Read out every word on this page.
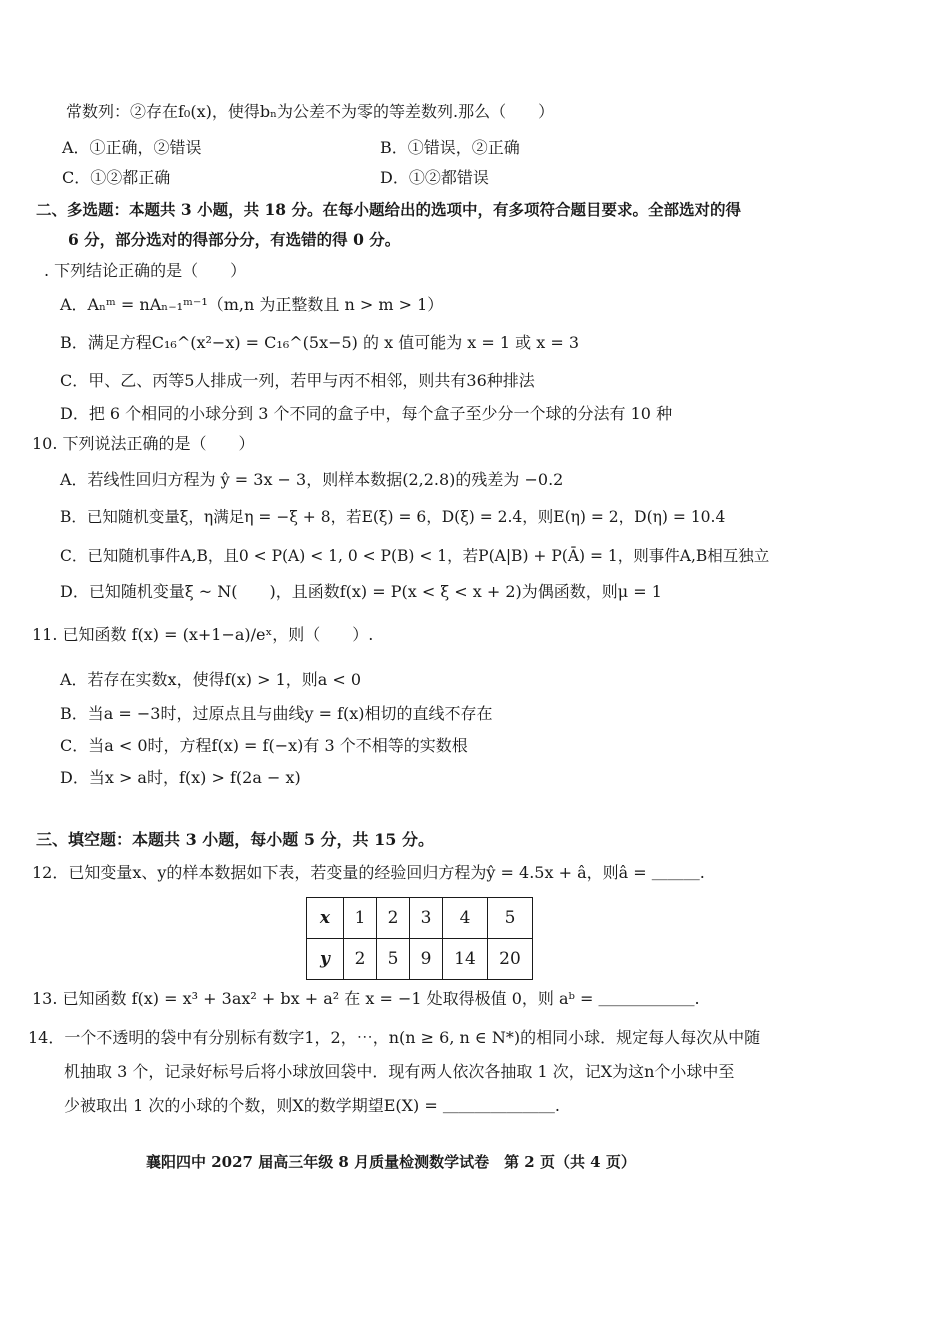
常数列：②存在f₀(x)，使得bₙ为公差不为零的等差数列.那么（　　）
A．①正确，②错误	B．①错误，②正确
C．①②都正确	D．①②都错误
二、多选题：本题共 3 小题，共 18 分。在每小题给出的选项中，有多项符合题目要求。全部选对的得
6 分，部分选对的得部分分，有选错的得 0 分。
. 下列结论正确的是（　　）
A．Aₙᵐ = nAₙ₋₁ᵐ⁻¹（m,n 为正整数且 n > m > 1）
B．满足方程C₁₆^(x²−x) = C₁₆^(5x−5) 的 x 值可能为 x = 1 或 x = 3
C．甲、乙、丙等5人排成一列，若甲与丙不相邻，则共有36种排法
D．把 6 个相同的小球分到 3 个不同的盒子中，每个盒子至少分一个球的分法有 10 种
10. 下列说法正确的是（　　）
A．若线性回归方程为 ŷ = 3x − 3，则样本数据(2,2.8)的残差为 −0.2
B．已知随机变量ξ，η满足η = −ξ + 8，若E(ξ) = 6，D(ξ) = 2.4，则E(η) = 2，D(η) = 10.4
C．已知随机事件A,B，且0 < P(A) < 1, 0 < P(B) < 1，若P(A|B) + P(Ā) = 1，则事件A,B相互独立
D．已知随机变量ξ ~ N(　　)，且函数f(x) = P(x < ξ < x + 2)为偶函数，则μ = 1
11. 已知函数 f(x) = (x+1−a)/eˣ，则（　　）.
A．若存在实数x，使得f(x) > 1，则a < 0
B．当a = −3时，过原点且与曲线y = f(x)相切的直线不存在
C．当a < 0时，方程f(x) = f(−x)有 3 个不相等的实数根
D．当x > a时，f(x) > f(2a − x)
三、填空题：本题共 3 小题，每小题 5 分，共 15 分。
12．已知变量x、y的样本数据如下表，若变量的经验回归方程为ŷ = 4.5x + â，则â = ＿＿＿.
x	1	2	3	4	5
y	2	5	9	14	20
13. 已知函数 f(x) = x³ + 3ax² + bx + a² 在 x = −1 处取得极值 0，则 aᵇ = ＿＿＿＿＿＿.
14．一个不透明的袋中有分别标有数字1，2，⋯，n(n ≥ 6, n ∈ N*)的相同小球．规定每人每次从中随
机抽取 3 个，记录好标号后将小球放回袋中．现有两人依次各抽取 1 次，记X为这n个小球中至
少被取出 1 次的小球的个数，则X的数学期望E(X) = ＿＿＿＿＿＿＿.
襄阳四中 2027 届高三年级 8 月质量检测数学试卷　第 2 页（共 4 页）
